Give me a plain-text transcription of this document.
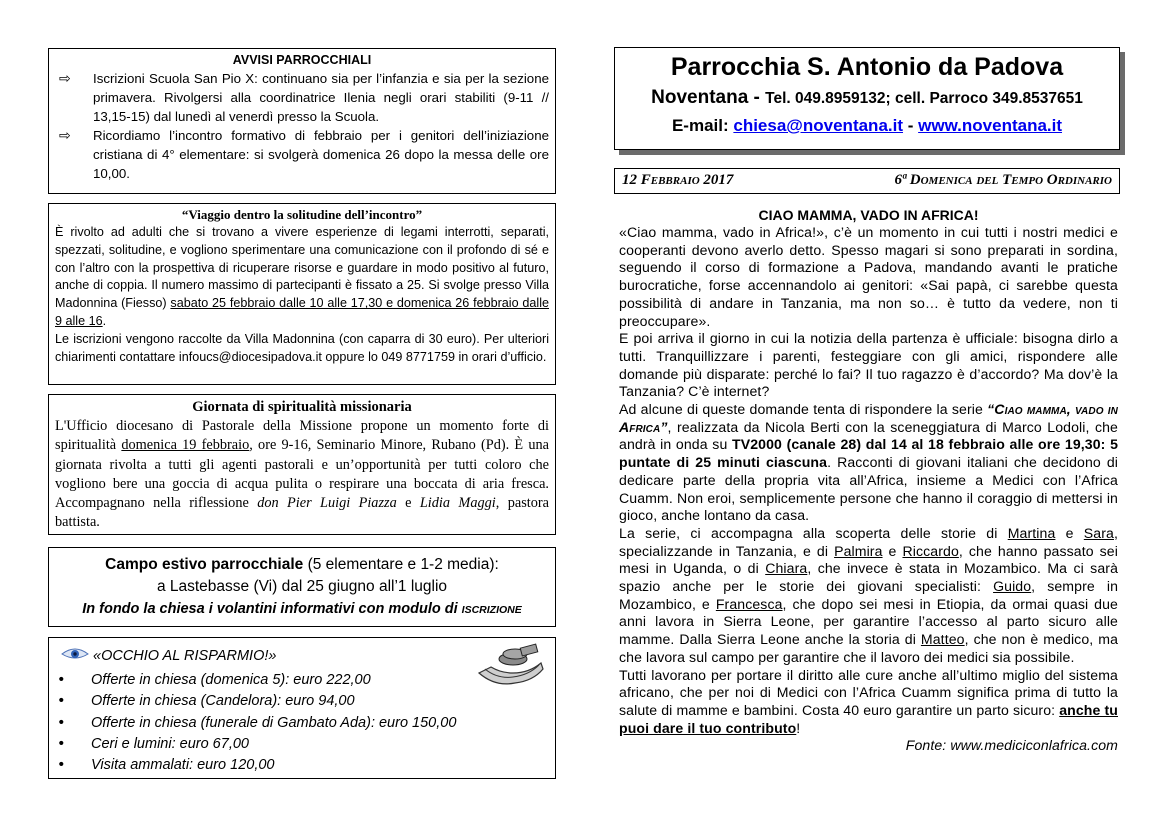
AVVISI PARROCCHIALI
⇨ Iscrizioni Scuola San Pio X: continuano sia per l’infanzia e sia per la sezione primavera. Rivolgersi alla coordinatrice Ilenia negli orari stabiliti (9-11 // 13,15-15) dal lunedì al venerdì presso la Scuola.
⇨ Ricordiamo l’incontro formativo di febbraio per i genitori dell’iniziazione cristiana di 4° elementare: si svolgerà domenica 26 dopo la messa delle ore 10,00.
“Viaggio dentro la solitudine dell’incontro”
È rivolto ad adulti che si trovano a vivere esperienze di legami interrotti, separati, spezzati, solitudine, e vogliono sperimentare una comunicazione con il profondo di sé e con l’altro con la prospettiva di ricuperare risorse e guardare in modo positivo al futuro, anche di coppia. Il numero massimo di partecipanti è fissato a 25. Si svolge presso Villa Madonnina (Fiesso) sabato 25 febbraio dalle 10 alle 17,30 e domenica 26 febbraio dalle 9 alle 16.
Le iscrizioni vengono raccolte da Villa Madonnina (con caparra di 30 euro). Per ulteriori chiarimenti contattare infoucs@diocesipadova.it oppure lo 049 8771759 in orari d’ufficio.
Giornata di spiritualità missionaria
L'Ufficio diocesano di Pastorale della Missione propone un momento forte di spiritualità domenica 19 febbraio, ore 9-16, Seminario Minore, Rubano (Pd). È una giornata rivolta a tutti gli agenti pastorali e un’opportunità per tutti coloro che vogliono bere una goccia di acqua pulita o respirare una boccata di aria fresca. Accompagnano nella riflessione don Pier Luigi Piazza e Lidia Maggi, pastora battista.
Campo estivo parrocchiale (5 elementare e 1-2 media):
a Lastebasse (Vi) dal 25 giugno all’1 luglio
In fondo la chiesa i volantini informativi con modulo di ISCRIZIONE
«OCCHIO AL RISPARMIO!»
• Offerte in chiesa (domenica 5): euro 222,00
• Offerte in chiesa (Candelora): euro 94,00
• Offerte in chiesa (funerale di Gambato Ada): euro 150,00
• Ceri e lumini: euro 67,00
• Visita ammalati: euro 120,00
Parrocchia S. Antonio da Padova
Noventana - Tel. 049.8959132; cell. Parroco 349.8537651
E-mail: chiesa@noventana.it - www.noventana.it
12 Febbraio 2017	6ª Domenica del Tempo Ordinario
CIAO MAMMA, VADO IN AFRICA!

«Ciao mamma, vado in Africa!», c’è un momento in cui tutti i nostri medici e cooperanti devono averlo detto. Spesso magari si sono preparati in sordina, seguendo il corso di formazione a Padova, mandando avanti le pratiche burocratiche, forse accennandolo ai genitori: «Sai papà, ci sarebbe questa possibilità di andare in Tanzania, ma non so… è tutto da vedere, non ti preoccupare».

E poi arriva il giorno in cui la notizia della partenza è ufficiale: bisogna dirlo a tutti. Tranquillizzare i parenti, festeggiare con gli amici, rispondere alle domande più disparate: perché lo fai? Il tuo ragazzo è d’accordo? Ma dov’è la Tanzania? C’è internet?

Ad alcune di queste domande tenta di rispondere la serie “Ciao mamma, vado in Africa”, realizzata da Nicola Berti con la sceneggiatura di Marco Lodoli, che andrà in onda su TV2000 (canale 28) dal 14 al 18 febbraio alle ore 19,30: 5 puntate di 25 minuti ciascuna. Racconti di giovani italiani che decidono di dedicare parte della propria vita all’Africa, insieme a Medici con l’Africa Cuamm. Non eroi, semplicemente persone che hanno il coraggio di mettersi in gioco, anche lontano da casa.

La serie, ci accompagna alla scoperta delle storie di Martina e Sara, specializzande in Tanzania, e di Palmira e Riccardo, che hanno passato sei mesi in Uganda, o di Chiara, che invece è stata in Mozambico. Ma ci sarà spazio anche per le storie dei giovani specialisti: Guido, sempre in Mozambico, e Francesca, che dopo sei mesi in Etiopia, da ormai quasi due anni lavora in Sierra Leone, per garantire l’accesso al parto sicuro alle mamme. Dalla Sierra Leone anche la storia di Matteo, che non è medico, ma che lavora sul campo per garantire che il lavoro dei medici sia possibile.

Tutti lavorano per portare il diritto alle cure anche all’ultimo miglio del sistema africano, che per noi di Medici con l’Africa Cuamm significa prima di tutto la salute di mamme e bambini. Costa 40 euro garantire un parto sicuro: anche tu puoi dare il tuo contributo!

Fonte: www.mediciconlafrica.com
